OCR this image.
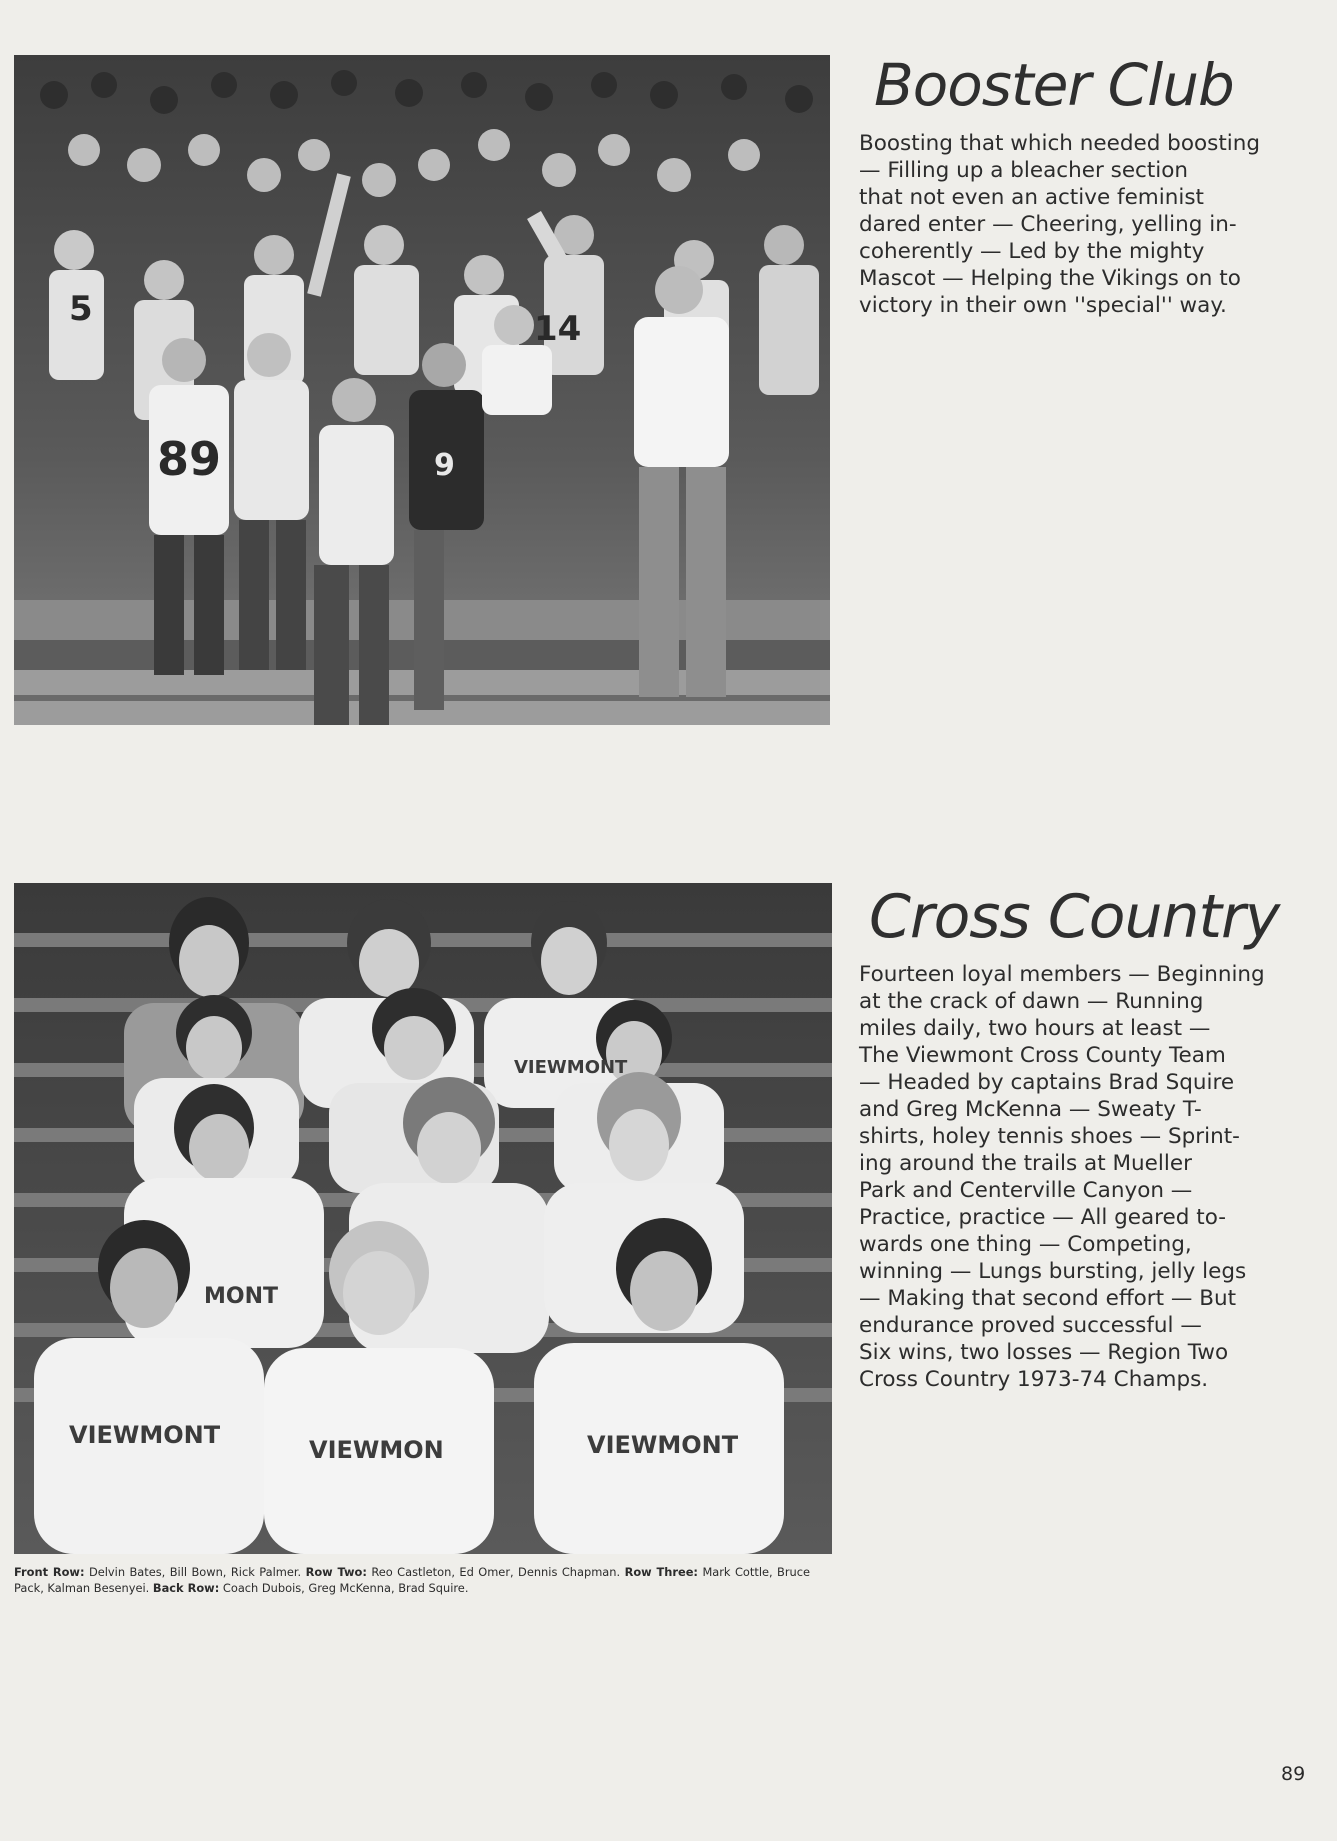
89	9
14
5
Booster Club

Boosting that which needed boosting
— Filling up a bleacher section
that not even an active feminist
dared enter — Cheering, yelling in-
coherently — Led by the mighty
Mascot — Helping the Vikings on to
victory in their own ''special'' way.

VIEWMONT
VIEWMON	VIEWMONT
MONT
VIEWMONT
Cross Country

Fourteen loyal members — Beginning
at the crack of dawn — Running
miles daily, two hours at least —
The Viewmont Cross County Team
— Headed by captains Brad Squire
and Greg McKenna — Sweaty T-
shirts, holey tennis shoes — Sprint-
ing around the trails at Mueller
Park and Centerville Canyon —
Practice, practice — All geared to-
wards one thing — Competing,
winning — Lungs bursting, jelly legs
— Making that second effort — But
endurance proved successful —
Six wins, two losses — Region Two
Cross Country 1973-74 Champs.

Front Row: Delvin Bates, Bill Bown, Rick Palmer. Row Two: Reo Castleton, Ed Omer, Dennis Chapman. Row Three: Mark Cottle, Bruce Pack, Kalman Besenyei. Back Row: Coach Dubois, Greg McKenna, Brad Squire.
89
